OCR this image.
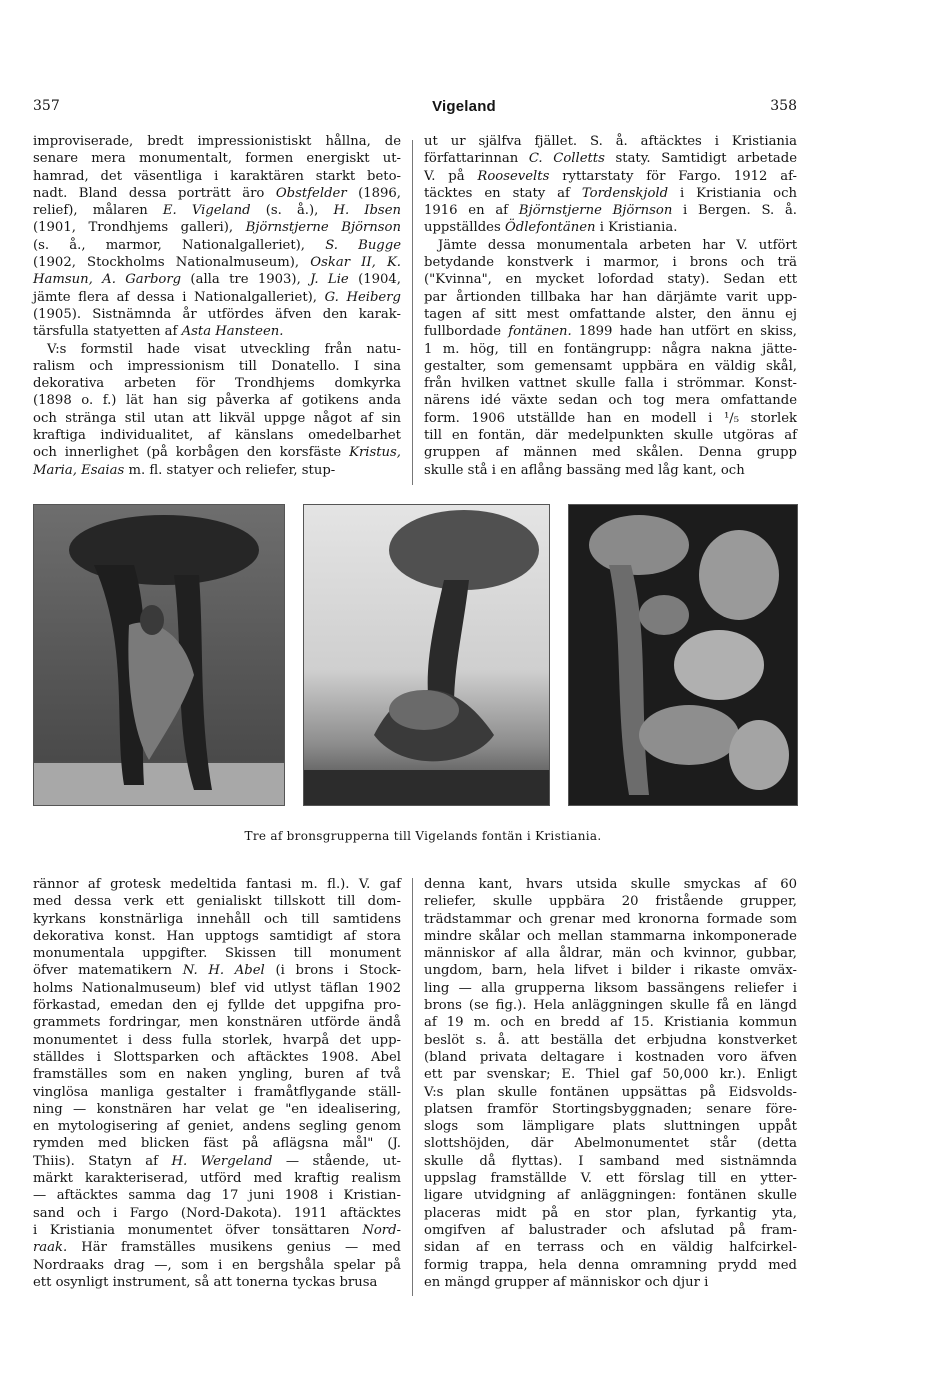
357	Vigeland	358
improviserade, bredt impressionistiskt hållna, de
senare mera monumentalt, formen energiskt ut-
hamrad, det väsentliga i karaktären starkt beto-
nadt. Bland dessa porträtt äro Obstfelder (1896,
relief), målaren E. Vigeland (s. å.), H. Ibsen
(1901, Trondhjems galleri), Björnstjerne Björnson
(s. å., marmor, Nationalgalleriet), S. Bugge
(1902, Stockholms Nationalmuseum), Oskar II, K.
Hamsun, A. Garborg (alla tre 1903), J. Lie (1904,
jämte flera af dessa i Nationalgalleriet), G. Heiberg
(1905). Sistnämnda år utfördes äfven den karak-
tärsfulla statyetten af Asta Hansteen.
V:s formstil hade visat utveckling från natu-
ralism och impressionism till Donatello. I sina
dekorativa arbeten för Trondhjems domkyrka
(1898 o. f.) lät han sig påverka af gotikens anda
och stränga stil utan att likväl uppge något af sin
kraftiga individualitet, af känslans omedelbarhet
och innerlighet (på korbågen den korsfäste Kristus,
Maria, Esaias m. fl. statyer och reliefer, stup-
ut ur själfva fjället. S. å. aftäcktes i Kristiania
författarinnan C. Colletts staty. Samtidigt arbetade
V. på Roosevelts ryttarstaty för Fargo. 1912 af-
täcktes en staty af Tordenskjold i Kristiania och
1916 en af Björnstjerne Björnson i Bergen. S. å.
uppställdes Ödlefontänen i Kristiania.
Jämte dessa monumentala arbeten har V. utfört
betydande konstverk i marmor, i brons och trä
("Kvinna", en mycket lofordad staty). Sedan ett
par årtionden tillbaka har han därjämte varit upp-
tagen af sitt mest omfattande alster, den ännu ej
fullbordade fontänen. 1899 hade han utfört en skiss,
1 m. hög, till en fontängrupp: några nakna jätte-
gestalter, som gemensamt uppbära en väldig skål,
från hvilken vattnet skulle falla i strömmar. Konst-
närens idé växte sedan och tog mera omfattande
form. 1906 utställde han en modell i ¹/₅ storlek
till en fontän, där medelpunkten skulle utgöras af
gruppen af männen med skålen. Denna grupp
skulle stå i en aflång bassäng med låg kant, och
Tre af bronsgrupperna till Vigelands fontän i Kristiania.
rännor af grotesk medeltida fantasi m. fl.). V. gaf
med dessa verk ett genialiskt tillskott till dom-
kyrkans konstnärliga innehåll och till samtidens
dekorativa konst. Han upptogs samtidigt af stora
monumentala uppgifter. Skissen till monument
öfver matematikern N. H. Abel (i brons i Stock-
holms Nationalmuseum) blef vid utlyst täflan 1902
förkastad, emedan den ej fyllde det uppgifna pro-
grammets fordringar, men konstnären utförde ändå
monumentet i dess fulla storlek, hvarpå det upp-
ställdes i Slottsparken och aftäcktes 1908. Abel
framställes som en naken yngling, buren af två
vinglösa manliga gestalter i framåtflygande ställ-
ning — konstnären har velat ge "en idealisering,
en mytologisering af geniet, andens segling genom
rymden med blicken fäst på aflägsna mål" (J.
Thiis). Statyn af H. Wergeland — stående, ut-
märkt karakteriserad, utförd med kraftig realism
— aftäcktes samma dag 17 juni 1908 i Kristian-
sand och i Fargo (Nord-Dakota). 1911 aftäcktes
i Kristiania monumentet öfver tonsättaren Nord-
raak. Här framställes musikens genius — med
Nordraaks drag —, som i en bergshåla spelar på
ett osynligt instrument, så att tonerna tyckas brusa
denna kant, hvars utsida skulle smyckas af 60
reliefer, skulle uppbära 20 fristående grupper,
trädstammar och grenar med kronorna formade som
mindre skålar och mellan stammarna inkomponerade
människor af alla åldrar, män och kvinnor, gubbar,
ungdom, barn, hela lifvet i bilder i rikaste omväx-
ling — alla grupperna liksom bassängens reliefer i
brons (se fig.). Hela anläggningen skulle få en längd
af 19 m. och en bredd af 15. Kristiania kommun
beslöt s. å. att beställa det erbjudna konstverket
(bland privata deltagare i kostnaden voro äfven
ett par svenskar; E. Thiel gaf 50,000 kr.). Enligt
V:s plan skulle fontänen uppsättas på Eidsvolds-
platsen framför Stortingsbyggnaden; senare före-
slogs som lämpligare plats sluttningen uppåt
slottshöjden, där Abelmonumentet står (detta
skulle då flyttas). I samband med sistnämnda
uppslag framställde V. ett förslag till en ytter-
ligare utvidgning af anläggningen: fontänen skulle
placeras midt på en stor plan, fyrkantig yta,
omgifven af balustrader och afslutad på fram-
sidan af en terrass och en väldig halfcirkel-
formig trappa, hela denna omramning prydd med
en mängd grupper af människor och djur i
